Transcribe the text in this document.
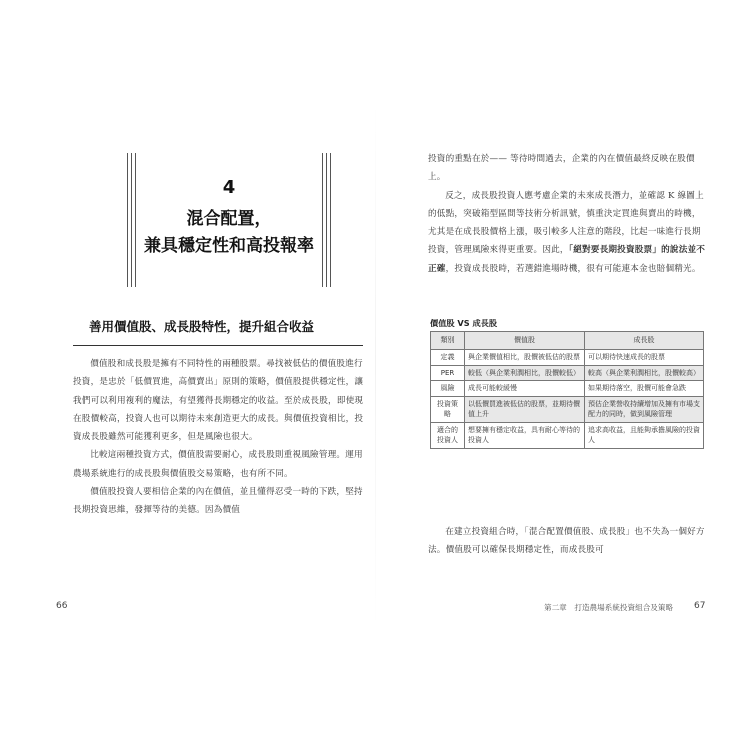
4
混合配置，
兼具穩定性和高投報率
善用價值股、成長股特性，提升組合收益

價值股和成長股是擁有不同特性的兩種股票。尋找被低估的價值股進行投資，是忠於「低價買進，高價賣出」原則的策略，價值股提供穩定性，讓我們可以利用複利的魔法，有望獲得長期穩定的收益。至於成長股，即使現在股價較高，投資人也可以期待未來創造更大的成長。與價值投資相比，投資成長股雖然可能獲利更多，但是風險也很大。

比較這兩種投資方式，價值股需要耐心，成長股則重視風險管理。運用農場系統進行的成長股與價值股交易策略，也有所不同。

價值股投資人要相信企業的內在價值，並且懂得忍受一時的下跌，堅持長期投資思維，發揮等待的美德。因為價值

66

投資的重點在於—— 等待時間過去，企業的內在價值最終反映在股價上。

反之，成長股投資人應考慮企業的未來成長潛力，並確認 K 線圖上的低點，突破箱型區間等技術分析訊號，慎重決定買進與賣出的時機，尤其是在成長股價格上漲，吸引較多人注意的階段，比起一味進行長期投資，管理風險來得更重要。因此，「絕對要長期投資股票」的說法並不正確，投資成長股時，若選錯進場時機，很有可能連本金也賠個精光。

價值股 VS 成長股
類別	價值股	成長股
定義	與企業價值相比，股價被低估的股票	可以期待快速成長的股票
PER	較低（與企業利潤相比，股價較低）	較高（與企業利潤相比，股價較高）
風險	成長可能較緩慢	如果期待落空，股價可能會急跌
投資策略	以低價買進被低估的股票，並期待價值上升	預估企業營收持續增加及擁有市場支配力的同時，做到風險管理
適合的投資人	想要擁有穩定收益，具有耐心等待的投資人	追求高收益，且能夠承擔風險的投資人

在建立投資組合時，「混合配置價值股、成長股」也不失為一個好方法。價值股可以確保長期穩定性，而成長股可

第二章　打造農場系統投資組合及策略 67
